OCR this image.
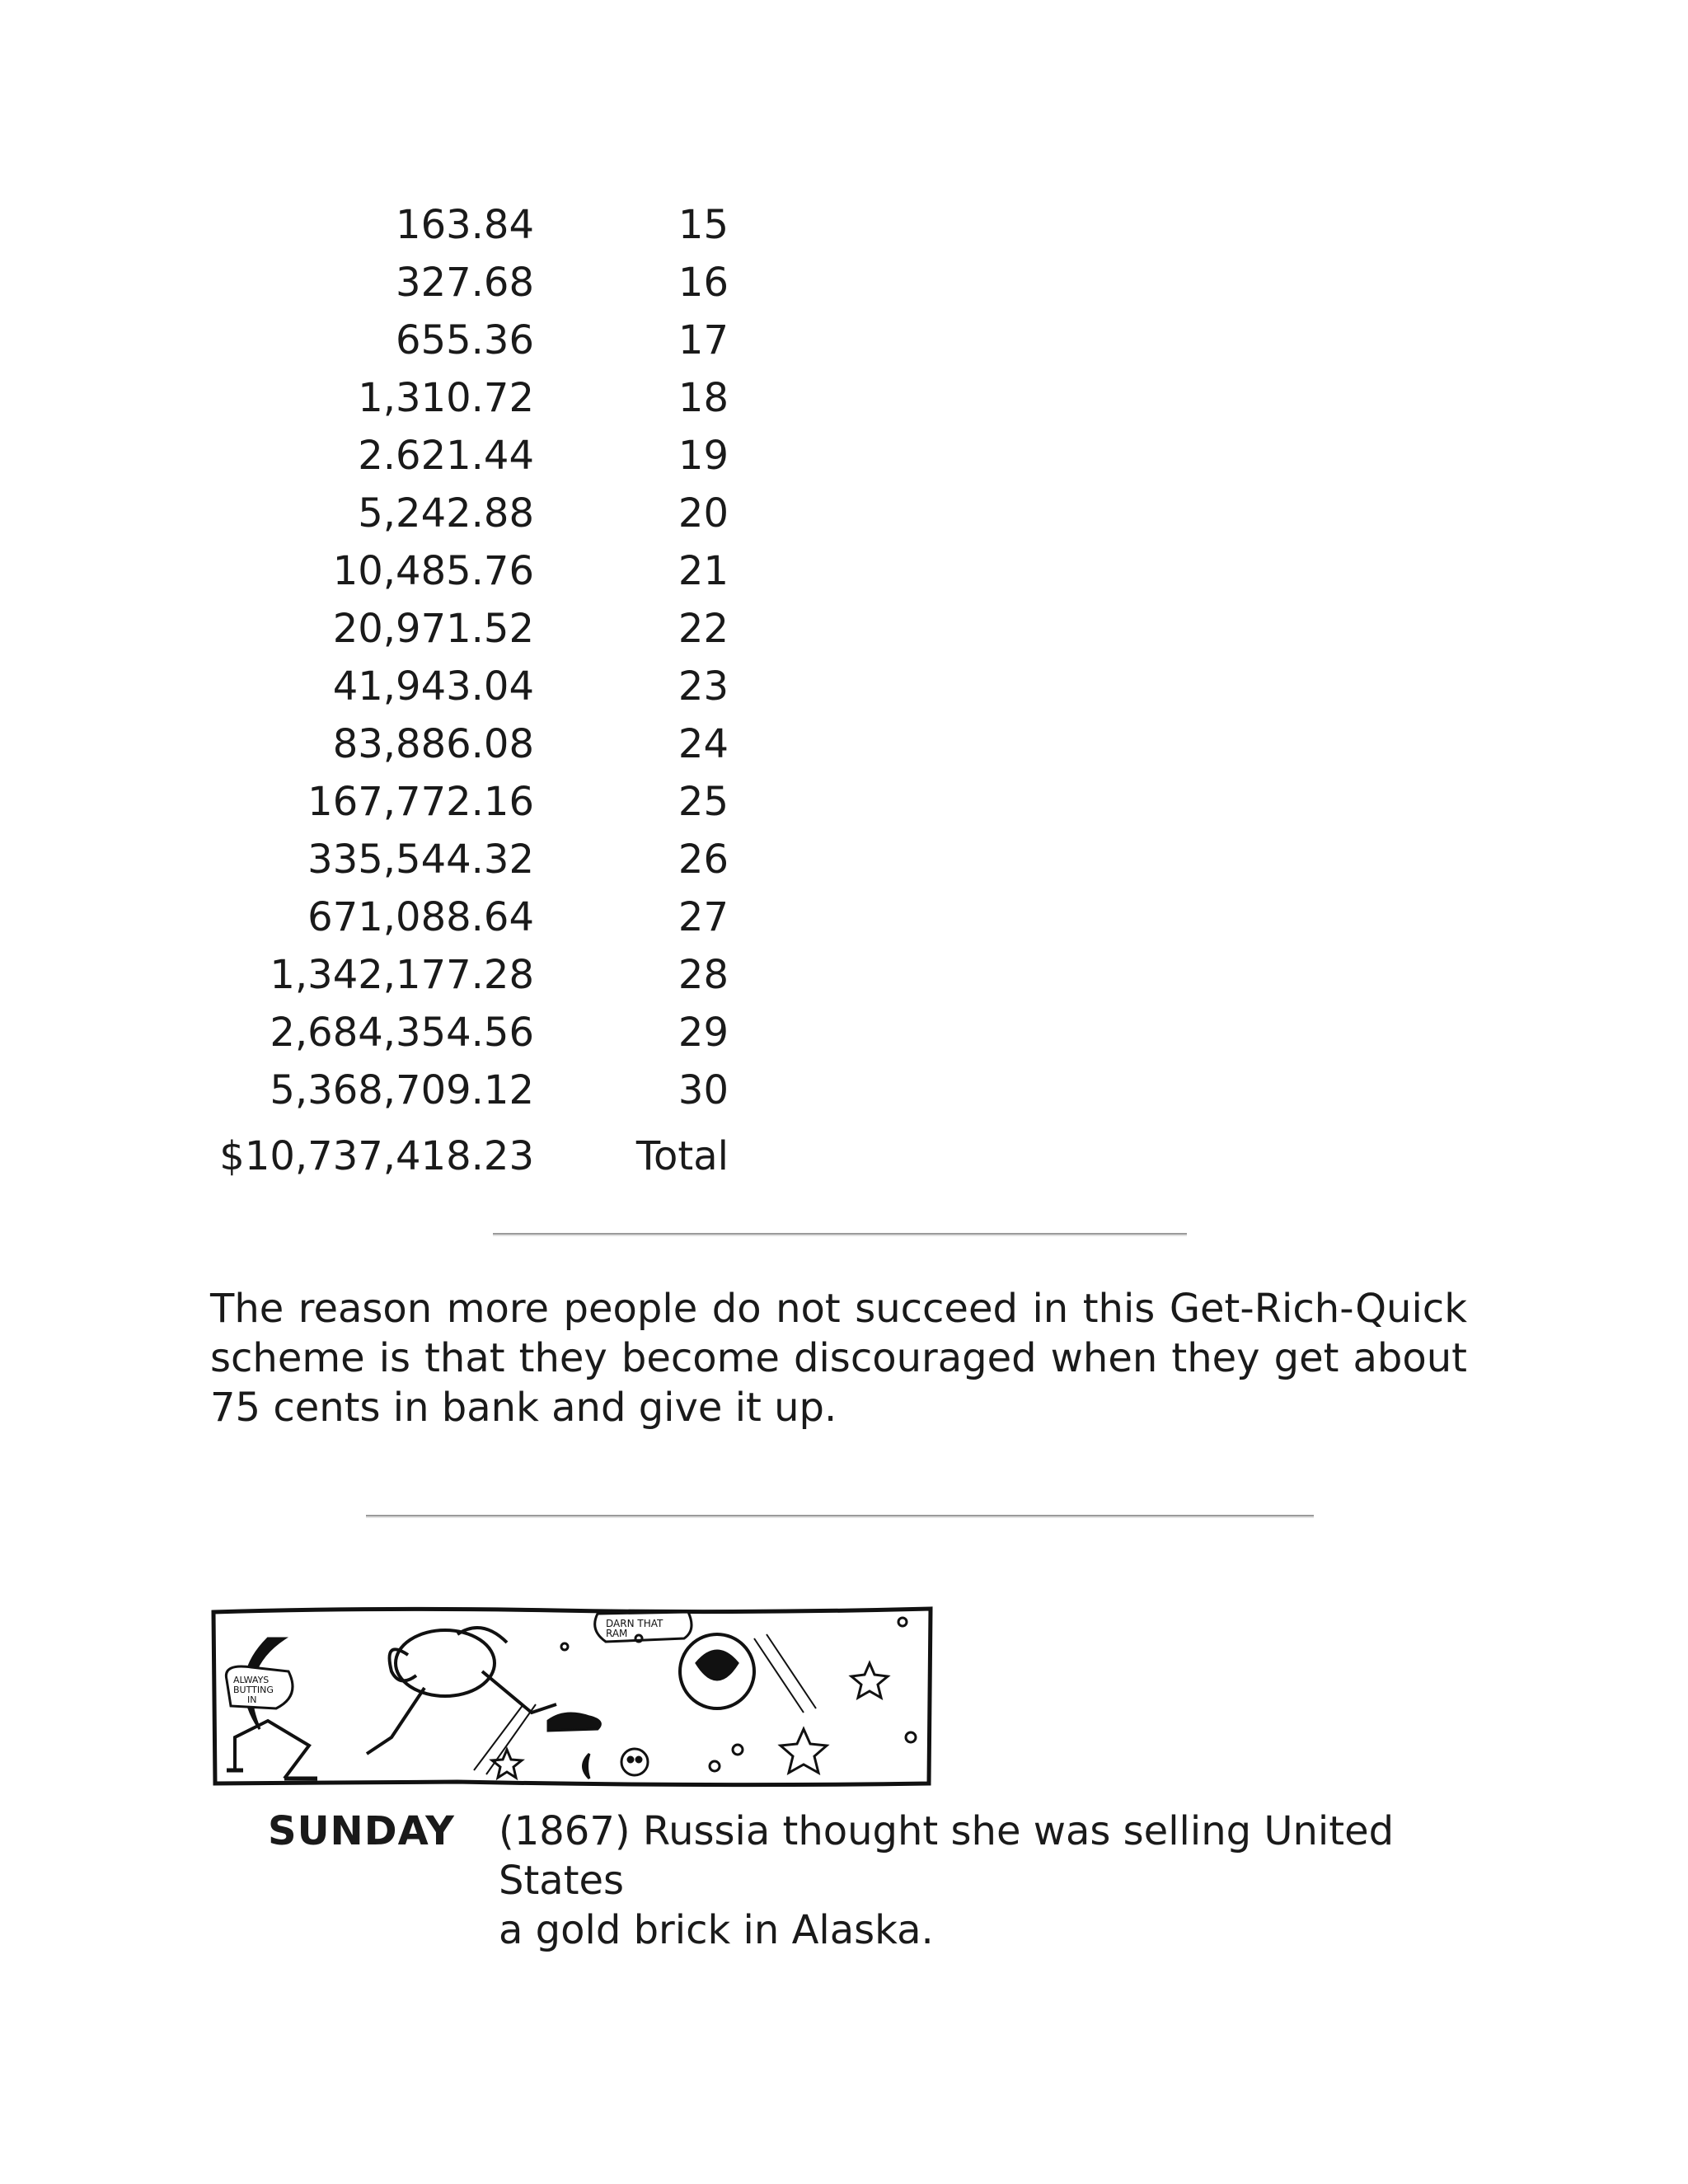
163.84	15
327.68	16
655.36	17
1,310.72	18
2.621.44	19
5,242.88	20
10,485.76	21
20,971.52	22
41,943.04	23
83,886.08	24
167,772.16	25
335,544.32	26
671,088.64	27
1,342,177.28	28
2,684,354.56	29
5,368,709.12	30
$10,737,418.23	Total
The reason more people do not succeed in this Get-Rich-Quick scheme is that they become discouraged when they get about 75 cents in bank and give it up.
ALWAYS
BUTTING
IN
DARN THAT
RAM
SUNDAY (1867) Russia thought she was selling United States
a gold brick in Alaska.
